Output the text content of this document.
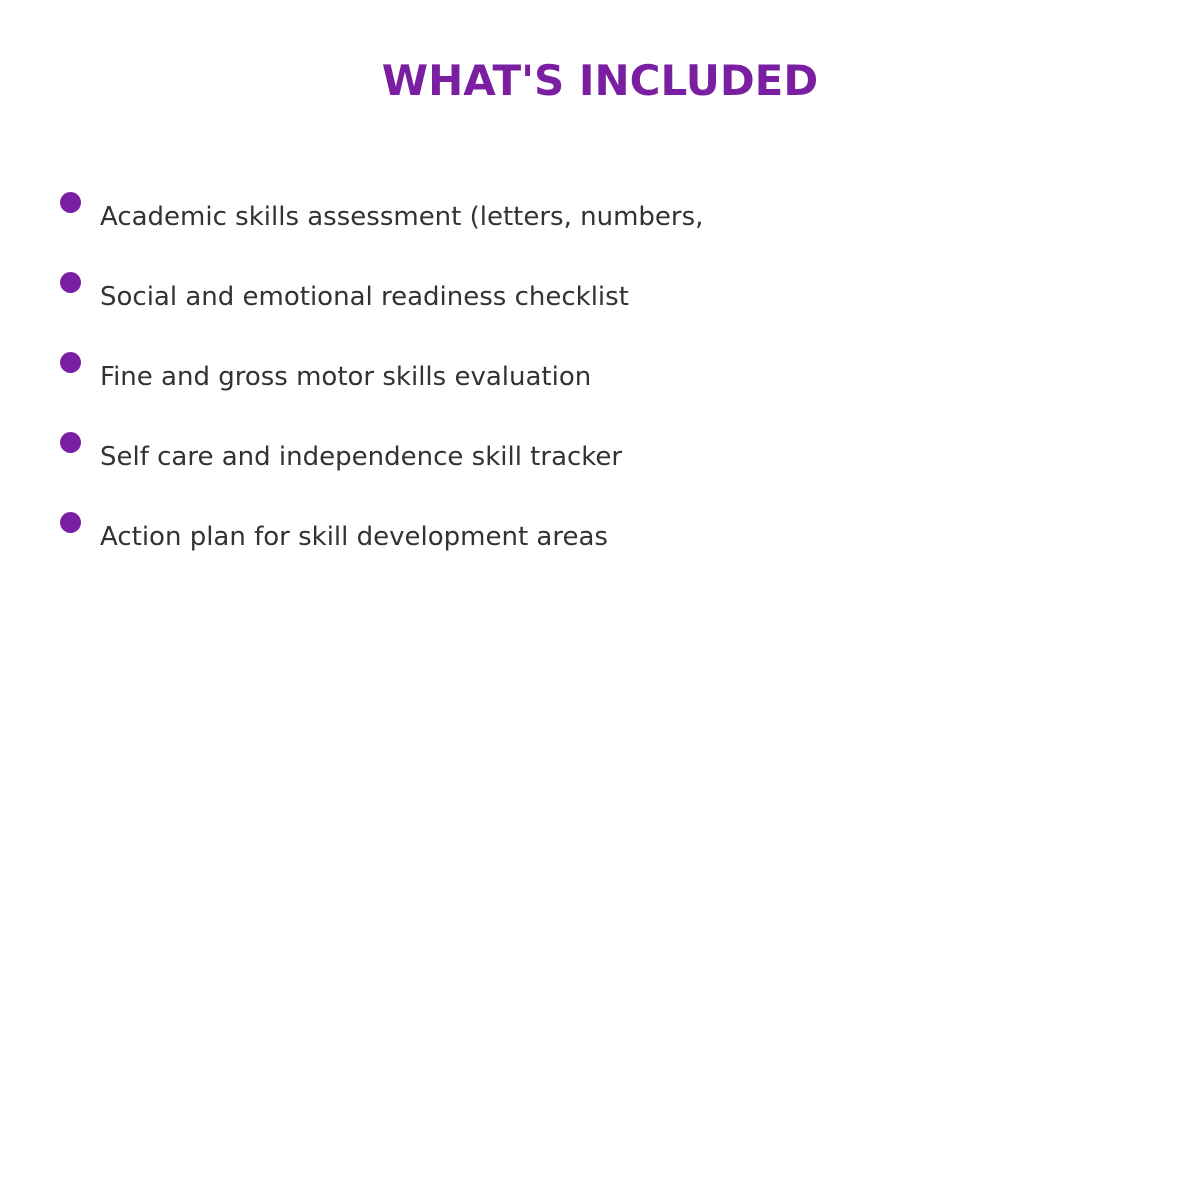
WHAT'S INCLUDED
Academic skills assessment (letters, numbers,
Social and emotional readiness checklist
Fine and gross motor skills evaluation
Self care and independence skill tracker
Action plan for skill development areas
